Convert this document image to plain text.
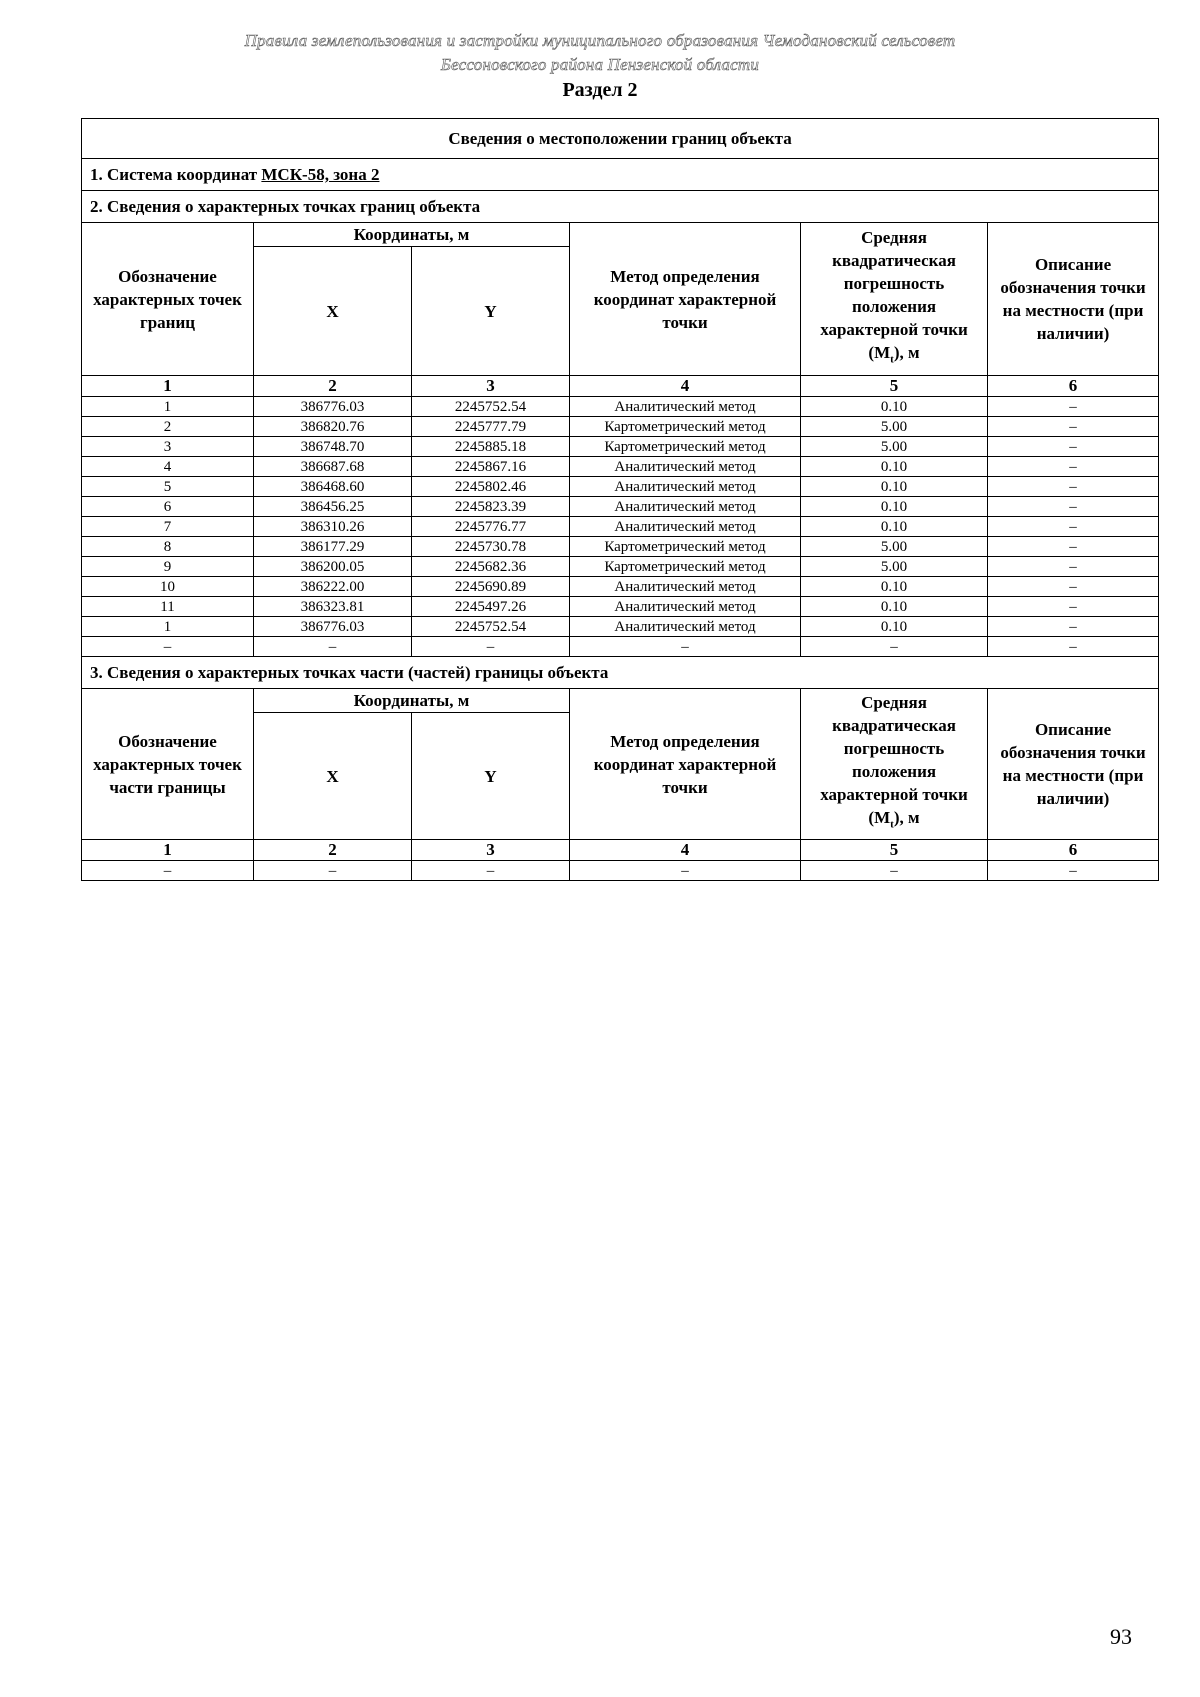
Правила землепользования и застройки муниципального образования Чемодановский сельсовет
Бессоновского района Пензенской области
Раздел 2
Сведения о местоположении границ объекта					
1. Система координат МСК-58, зона 2					
2. Сведения о характерных точках границ объекта					
Обозначение характерных точек границ	Координаты, м		Метод определения координат характерной точки	Средняя квадратическая погрешность положения характерной точки $(M_t)$, м	Описание обозначения точки на местности (при наличии)
	X	Y			
1	2	3	4	5	6
1	386776.03	2245752.54	Аналитический метод	0.10	–
2	386820.76	2245777.79	Картометрический метод	5.00	–
3	386748.70	2245885.18	Картометрический метод	5.00	–
4	386687.68	2245867.16	Аналитический метод	0.10	–
5	386468.60	2245802.46	Аналитический метод	0.10	–
6	386456.25	2245823.39	Аналитический метод	0.10	–
7	386310.26	2245776.77	Аналитический метод	0.10	–
8	386177.29	2245730.78	Картометрический метод	5.00	–
9	386200.05	2245682.36	Картометрический метод	5.00	–
10	386222.00	2245690.89	Аналитический метод	0.10	–
11	386323.81	2245497.26	Аналитический метод	0.10	–
1	386776.03	2245752.54	Аналитический метод	0.10	–
–	–	–	–	–	–
3. Сведения о характерных точках части (частей) границы объекта					
Обозначение характерных точек части границы	Координаты, м		Метод определения координат характерной точки	Средняя квадратическая погрешность положения характерной точки $(M_t)$, м	Описание обозначения точки на местности (при наличии)
	X	Y			
1	2	3	4	5	6
–	–	–	–	–	–
93
